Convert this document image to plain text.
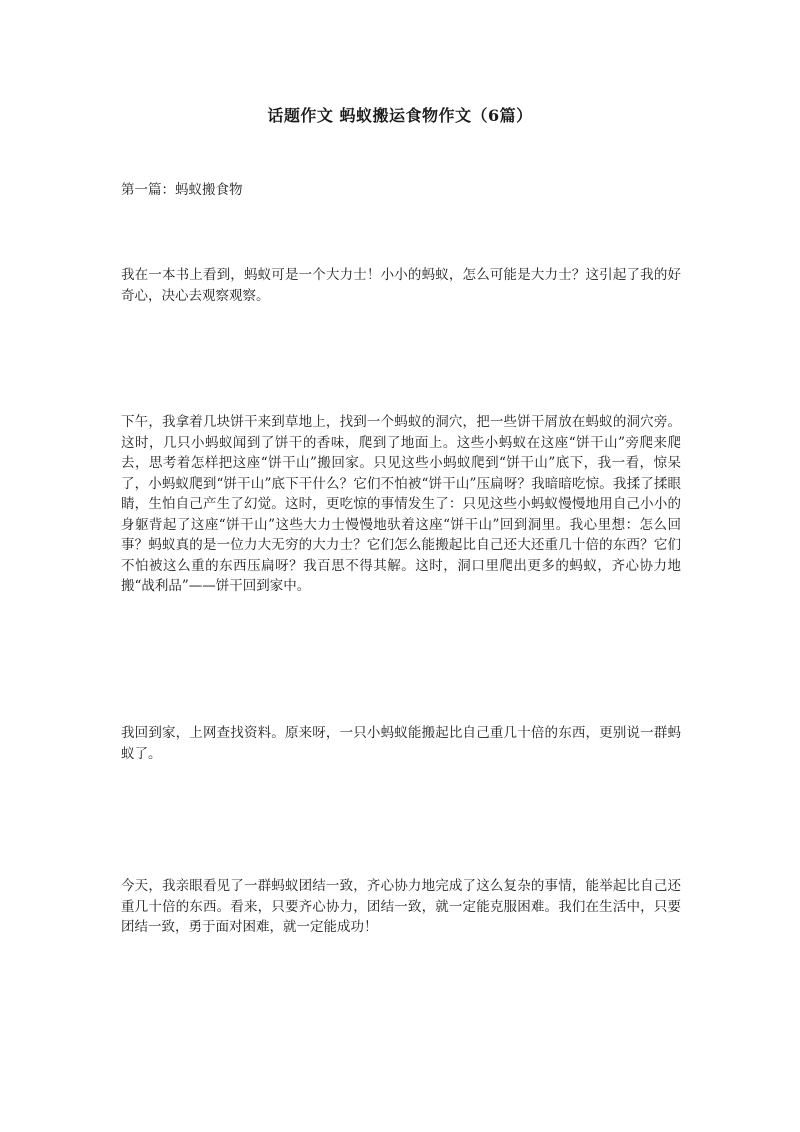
话题作文 蚂蚁搬运食物作文（6篇）
第一篇：蚂蚁搬食物
我在一本书上看到，蚂蚁可是一个大力士！小小的蚂蚁，怎么可能是大力士？这引起了我的好奇心，决心去观察观察。
下午，我拿着几块饼干来到草地上，找到一个蚂蚁的洞穴，把一些饼干屑放在蚂蚁的洞穴旁。这时，几只小蚂蚁闻到了饼干的香味，爬到了地面上。这些小蚂蚁在这座“饼干山”旁爬来爬去，思考着怎样把这座“饼干山”搬回家。只见这些小蚂蚁爬到“饼干山”底下，我一看，惊呆了，小蚂蚁爬到“饼干山”底下干什么？它们不怕被“饼干山”压扁呀？我暗暗吃惊。我揉了揉眼睛，生怕自己产生了幻觉。这时，更吃惊的事情发生了：只见这些小蚂蚁慢慢地用自己小小的身躯背起了这座“饼干山”这些大力士慢慢地驮着这座“饼干山”回到洞里。我心里想：怎么回事？蚂蚁真的是一位力大无穷的大力士？它们怎么能搬起比自己还大还重几十倍的东西？它们不怕被这么重的东西压扁呀？我百思不得其解。这时，洞口里爬出更多的蚂蚁，齐心协力地搬“战利品”——饼干回到家中。
我回到家，上网查找资料。原来呀，一只小蚂蚁能搬起比自己重几十倍的东西，更别说一群蚂蚁了。
今天，我亲眼看见了一群蚂蚁团结一致，齐心协力地完成了这么复杂的事情，能举起比自己还重几十倍的东西。看来，只要齐心协力，团结一致，就一定能克服困难。我们在生活中，只要团结一致，勇于面对困难，就一定能成功！
